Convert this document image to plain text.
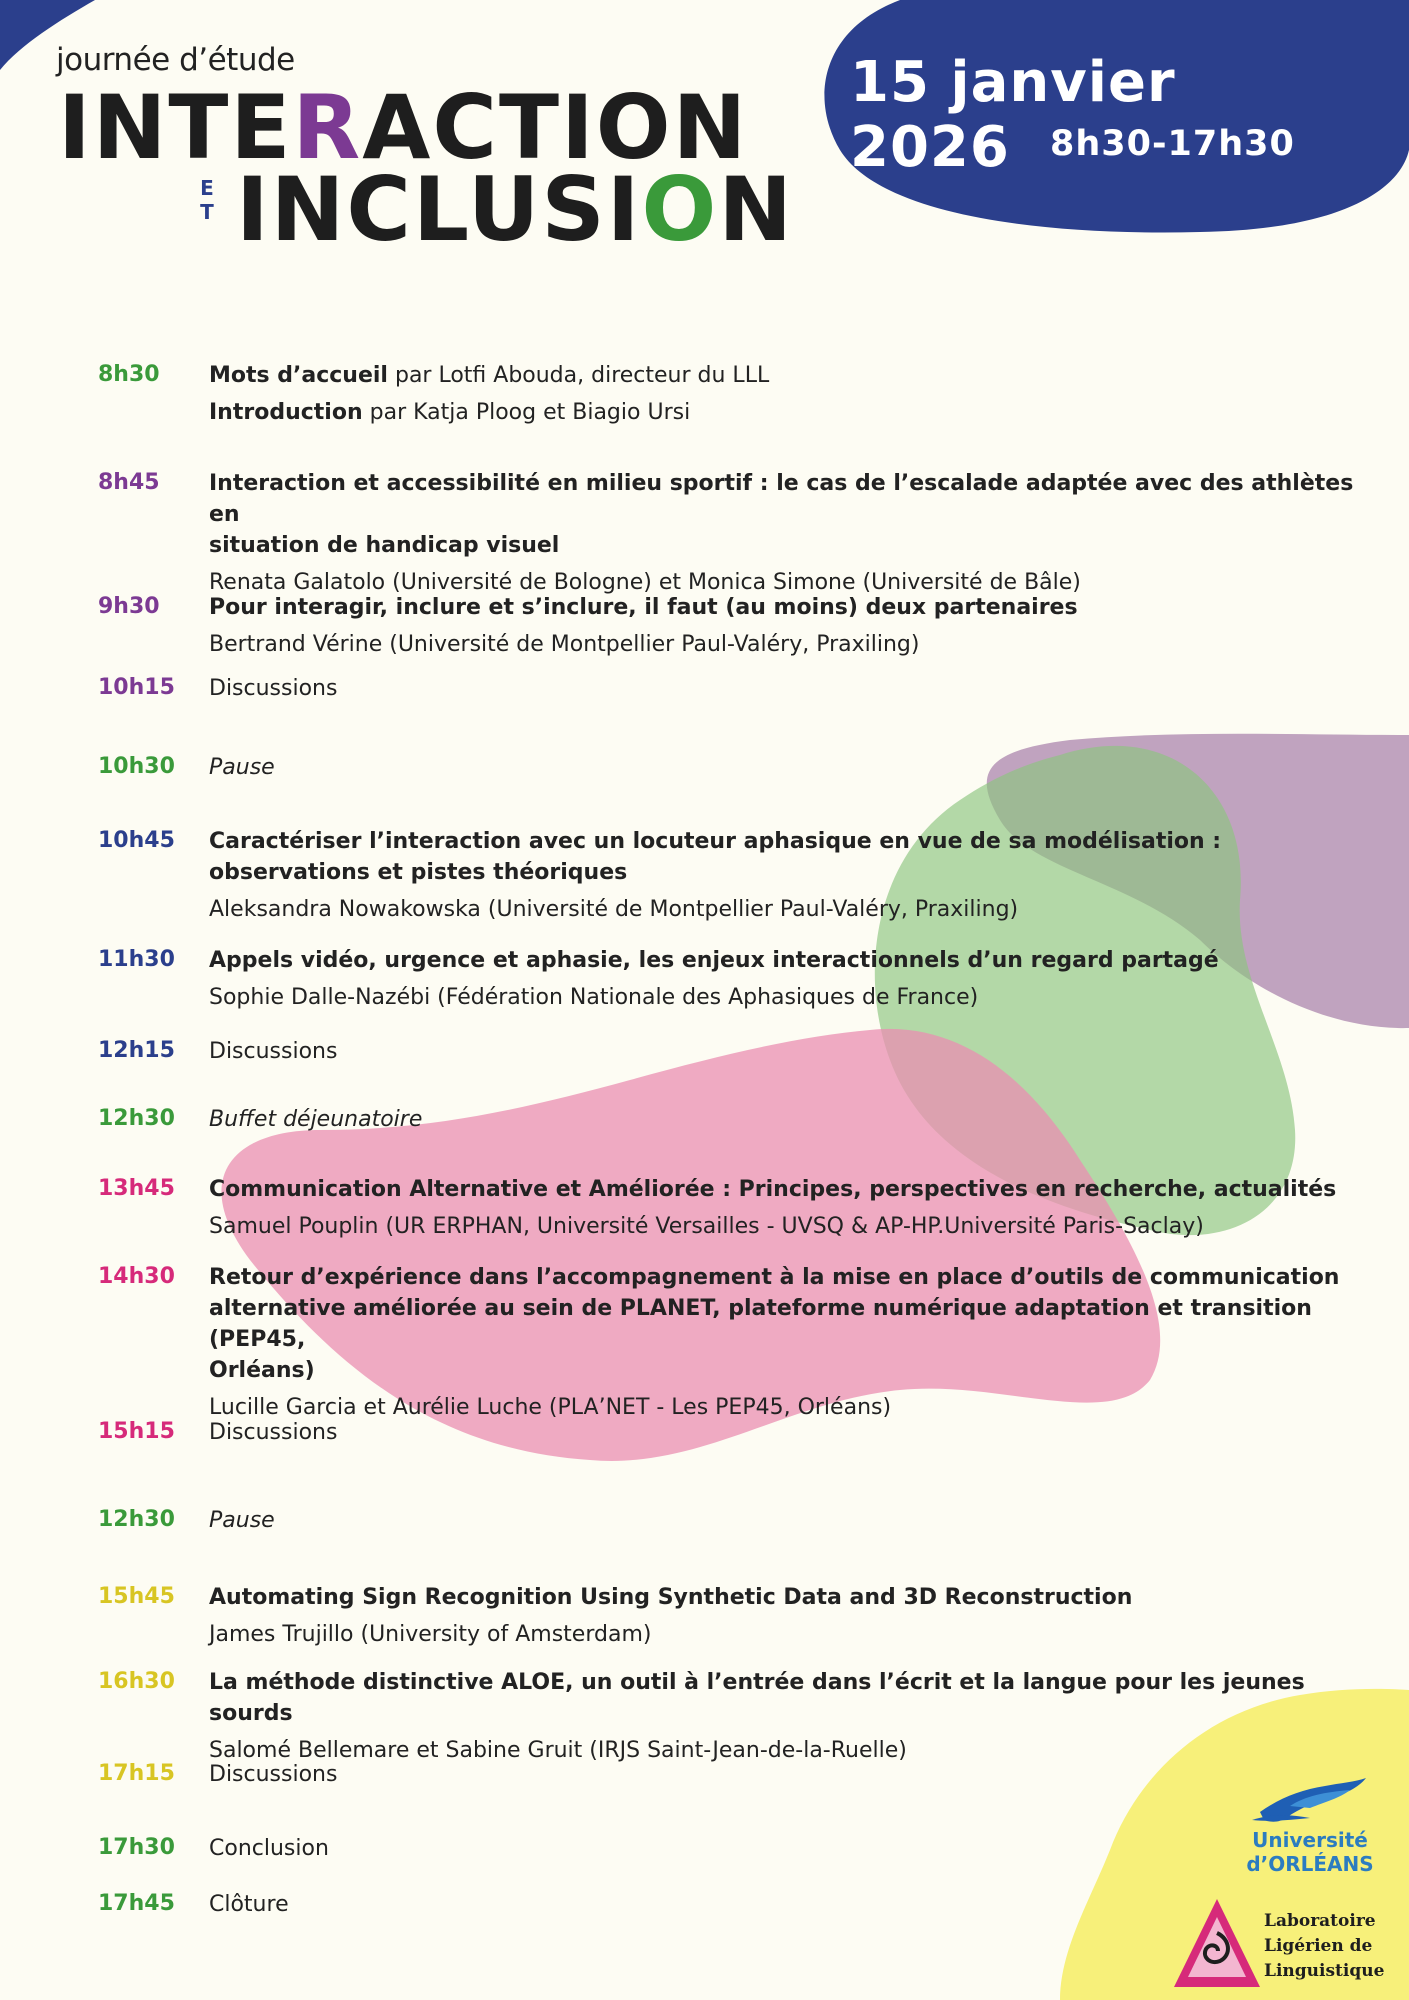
journée d’étude
INTERACTION
ET INCLUSION
15 janvier 2026	8h30-17h30
8h30	Mots d’accueil par Lotfi Abouda, directeur du LLL
Introduction par Katja Ploog et Biagio Ursi
8h45	Interaction et accessibilité en milieu sportif : le cas de l’escalade adaptée avec des athlètes en
situation de handicap visuel
Renata Galatolo (Université de Bologne) et Monica Simone (Université de Bâle)
9h30	Pour interagir, inclure et s’inclure, il faut (au moins) deux partenaires
Bertrand Vérine (Université de Montpellier Paul-Valéry, Praxiling)
10h15	Discussions
10h30	Pause
10h45	Caractériser l’interaction avec un locuteur aphasique en vue de sa modélisation :
observations et pistes théoriques
Aleksandra Nowakowska (Université de Montpellier Paul-Valéry, Praxiling)
11h30	Appels vidéo, urgence et aphasie, les enjeux interactionnels d’un regard partagé
Sophie Dalle-Nazébi (Fédération Nationale des Aphasiques de France)
12h15	Discussions
12h30	Buffet déjeunatoire
13h45	Communication Alternative et Améliorée : Principes, perspectives en recherche, actualités
Samuel Pouplin (UR ERPHAN, Université Versailles - UVSQ & AP-HP.Université Paris-Saclay)
14h30	Retour d’expérience dans l’accompagnement à la mise en place d’outils de communication
alternative améliorée au sein de PLANET, plateforme numérique adaptation et transition (PEP45,
Orléans)
Lucille Garcia et Aurélie Luche (PLA’NET - Les PEP45, Orléans)
15h15	Discussions
12h30	Pause
15h45	Automating Sign Recognition Using Synthetic Data and 3D Reconstruction
James Trujillo (University of Amsterdam)
16h30	La méthode distinctive ALOE, un outil à l’entrée dans l’écrit et la langue pour les jeunes sourds
Salomé Bellemare et Sabine Gruit (IRJS Saint-Jean-de-la-Ruelle)
17h15	Discussions
17h30	Conclusion
17h45	Clôture
Université
d’ORLÉANS
Laboratoire
Ligérien de
Linguistique
